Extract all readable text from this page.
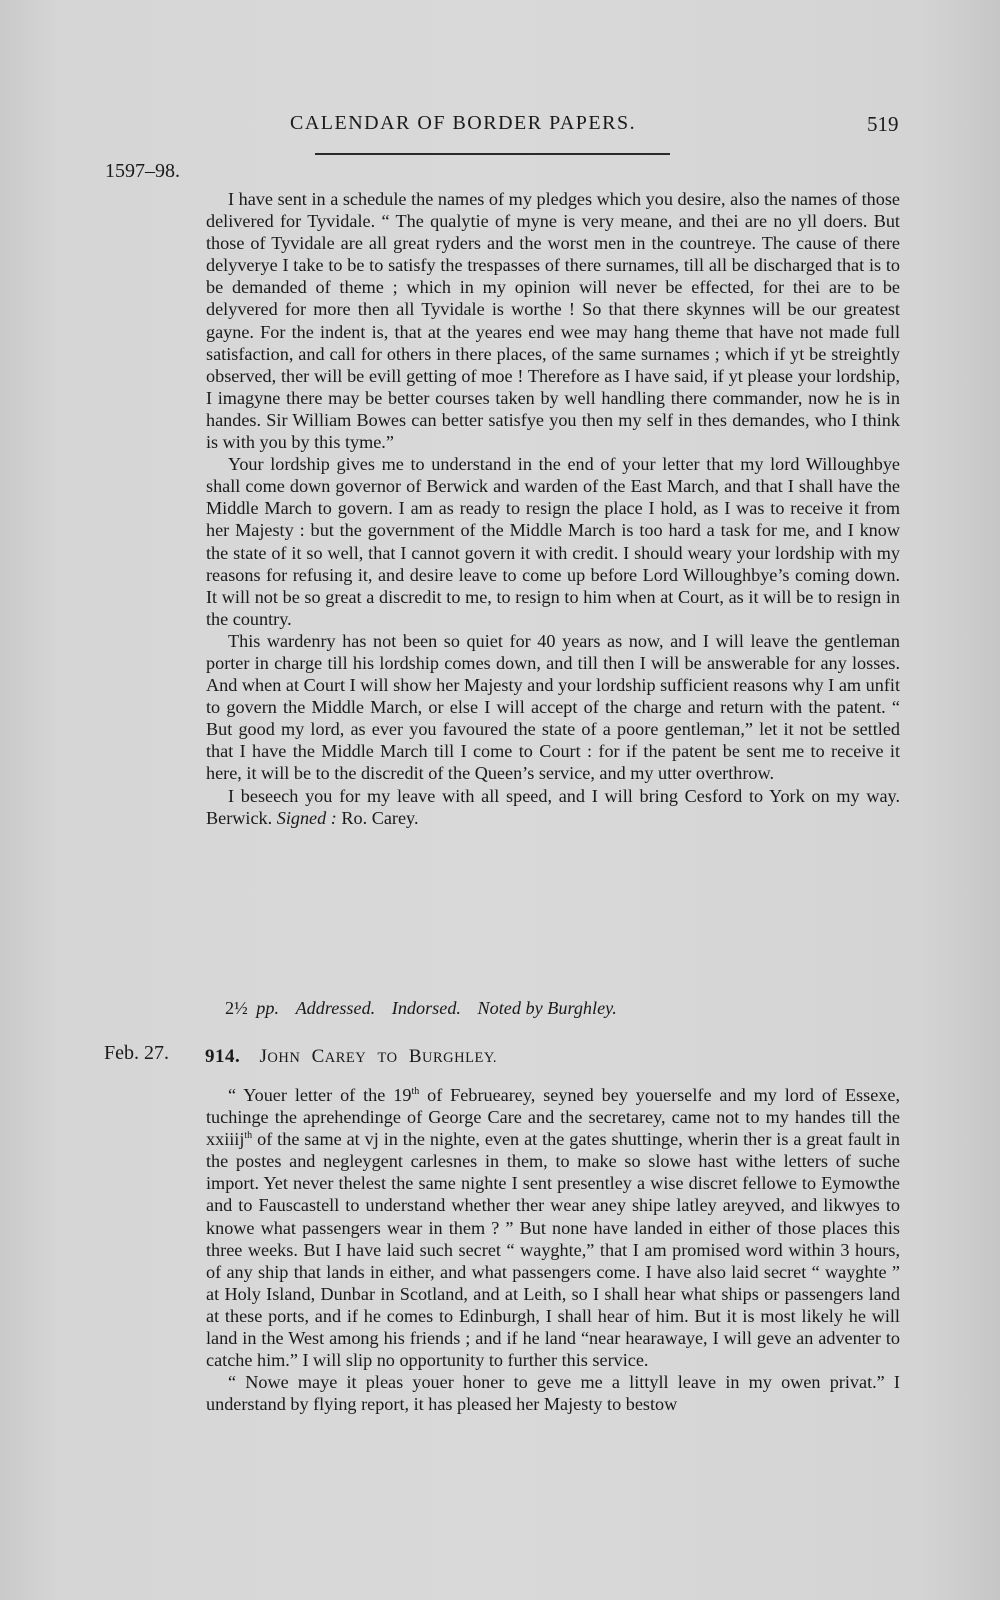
CALENDAR OF BORDER PAPERS.	519
1597–98.

I have sent in a schedule the names of my pledges which you desire, also the names of those delivered for Tyvidale. “ The qualytie of myne is very meane, and thei are no yll doers. But those of Tyvidale are all great ryders and the worst men in the countreye. The cause of there delyverye I take to be to satisfy the trespasses of there surnames, till all be discharged that is to be demanded of theme ; which in my opinion will never be effected, for thei are to be delyvered for more then all Tyvidale is worthe ! So that there skynnes will be our greatest gayne. For the indent is, that at the yeares end wee may hang theme that have not made full satisfaction, and call for others in there places, of the same surnames ; which if yt be streightly observed, ther will be evill getting of moe ! Therefore as I have said, if yt please your lordship, I imagyne there may be better courses taken by well handling there commander, now he is in handes. Sir William Bowes can better satisfye you then my self in thes demandes, who I think is with you by this tyme.”

Your lordship gives me to understand in the end of your letter that my lord Willoughbye shall come down governor of Berwick and warden of the East March, and that I shall have the Middle March to govern. I am as ready to resign the place I hold, as I was to receive it from her Majesty : but the government of the Middle March is too hard a task for me, and I know the state of it so well, that I cannot govern it with credit. I should weary your lordship with my reasons for refusing it, and desire leave to come up before Lord Willoughbye’s coming down. It will not be so great a discredit to me, to resign to him when at Court, as it will be to resign in the country.

This wardenry has not been so quiet for 40 years as now, and I will leave the gentleman porter in charge till his lordship comes down, and till then I will be answerable for any losses. And when at Court I will show her Majesty and your lordship sufficient reasons why I am unfit to govern the Middle March, or else I will accept of the charge and return with the patent. “ But good my lord, as ever you favoured the state of a poore gentleman,” let it not be settled that I have the Middle March till I come to Court : for if the patent be sent me to receive it here, it will be to the discredit of the Queen’s service, and my utter overthrow.

I beseech you for my leave with all speed, and I will bring Cesford to York on my way. Berwick. Signed : Ro. Carey.

2½ pp. Addressed. Indorsed. Noted by Burghley.
Feb. 27. 914. JOHN CAREY TO BURGHLEY.

“ Youer letter of the 19th of Februearey, seyned bey youerselfe and my lord of Essexe, tuchinge the aprehendinge of George Care and the secretarey, came not to my handes till the xxiiij$^{th}$ of the same at vj in the nighte, even at the gates shuttinge, wherin ther is a great fault in the postes and negleygent carlesnes in them, to make so slowe hast withe letters of suche import. Yet never thelest the same nighte I sent presentley a wise discret fellowe to Eymowthe and to Fauscastell to understand whether ther wear aney shipe latley areyved, and likwyes to knowe what passengers wear in them ? ” But none have landed in either of those places this three weeks. But I have laid such secret “ wayghte,” that I am promised word within 3 hours, of any ship that lands in either, and what passengers come. I have also laid secret “ wayghte ” at Holy Island, Dunbar in Scotland, and at Leith, so I shall hear what ships or passengers land at these ports, and if he comes to Edinburgh, I shall hear of him. But it is most likely he will land in the West among his friends ; and if he land “near hearawaye, I will geve an adventer to catche him.” I will slip no opportunity to further this service.

“ Nowe maye it pleas youer honer to geve me a littyll leave in my owen privat.” I understand by flying report, it has pleased her Majesty to bestow
